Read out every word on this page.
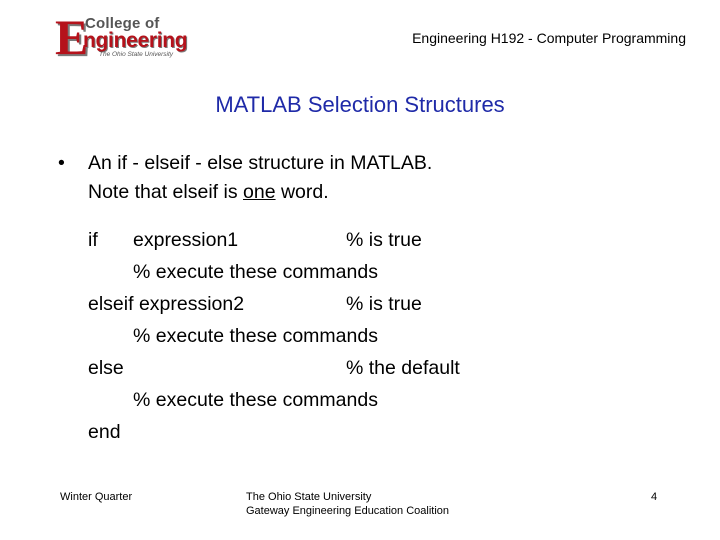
E
College of
ngineering
The Ohio State University
Engineering H192 - Computer Programming
MATLAB Selection Structures
• An if - elseif - else structure in MATLAB.
Note that elseif is one word.
if expression1	% is true
% execute these commands
elseif expression2	% is true
% execute these commands
else	% the default
% execute these commands
end
Winter Quarter	The Ohio State University
Gateway Engineering Education Coalition
4
